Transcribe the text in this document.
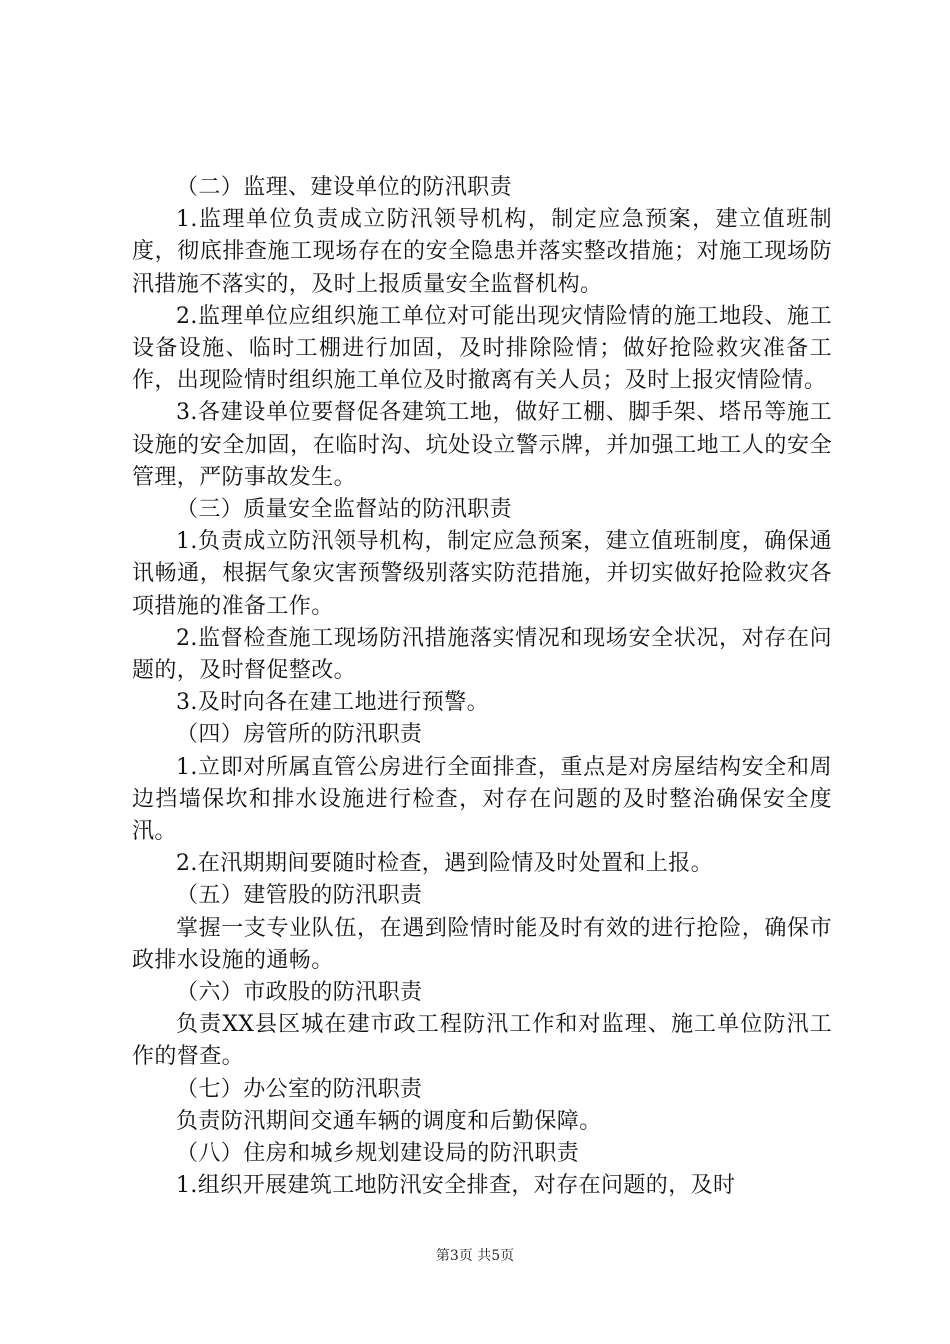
（二）监理、建设单位的防汛职责

1.监理单位负责成立防汛领导机构，制定应急预案，建立值班制度，彻底排查施工现场存在的安全隐患并落实整改措施；对施工现场防汛措施不落实的，及时上报质量安全监督机构。

2.监理单位应组织施工单位对可能出现灾情险情的施工地段、施工设备设施、临时工棚进行加固，及时排除险情；做好抢险救灾准备工作，出现险情时组织施工单位及时撤离有关人员；及时上报灾情险情。

3.各建设单位要督促各建筑工地，做好工棚、脚手架、塔吊等施工设施的安全加固，在临时沟、坑处设立警示牌，并加强工地工人的安全管理，严防事故发生。

（三）质量安全监督站的防汛职责

1.负责成立防汛领导机构，制定应急预案，建立值班制度，确保通讯畅通，根据气象灾害预警级别落实防范措施，并切实做好抢险救灾各项措施的准备工作。

2.监督检查施工现场防汛措施落实情况和现场安全状况，对存在问题的，及时督促整改。

3.及时向各在建工地进行预警。

（四）房管所的防汛职责

1.立即对所属直管公房进行全面排查，重点是对房屋结构安全和周边挡墙保坎和排水设施进行检查，对存在问题的及时整治确保安全度汛。

2.在汛期期间要随时检查，遇到险情及时处置和上报。

（五）建管股的防汛职责

掌握一支专业队伍，在遇到险情时能及时有效的进行抢险，确保市政排水设施的通畅。

（六）市政股的防汛职责

负责XX县区城在建市政工程防汛工作和对监理、施工单位防汛工作的督查。

（七）办公室的防汛职责

负责防汛期间交通车辆的调度和后勤保障。

（八）住房和城乡规划建设局的防汛职责

1.组织开展建筑工地防汛安全排查，对存在问题的，及时

第3页 共5页
